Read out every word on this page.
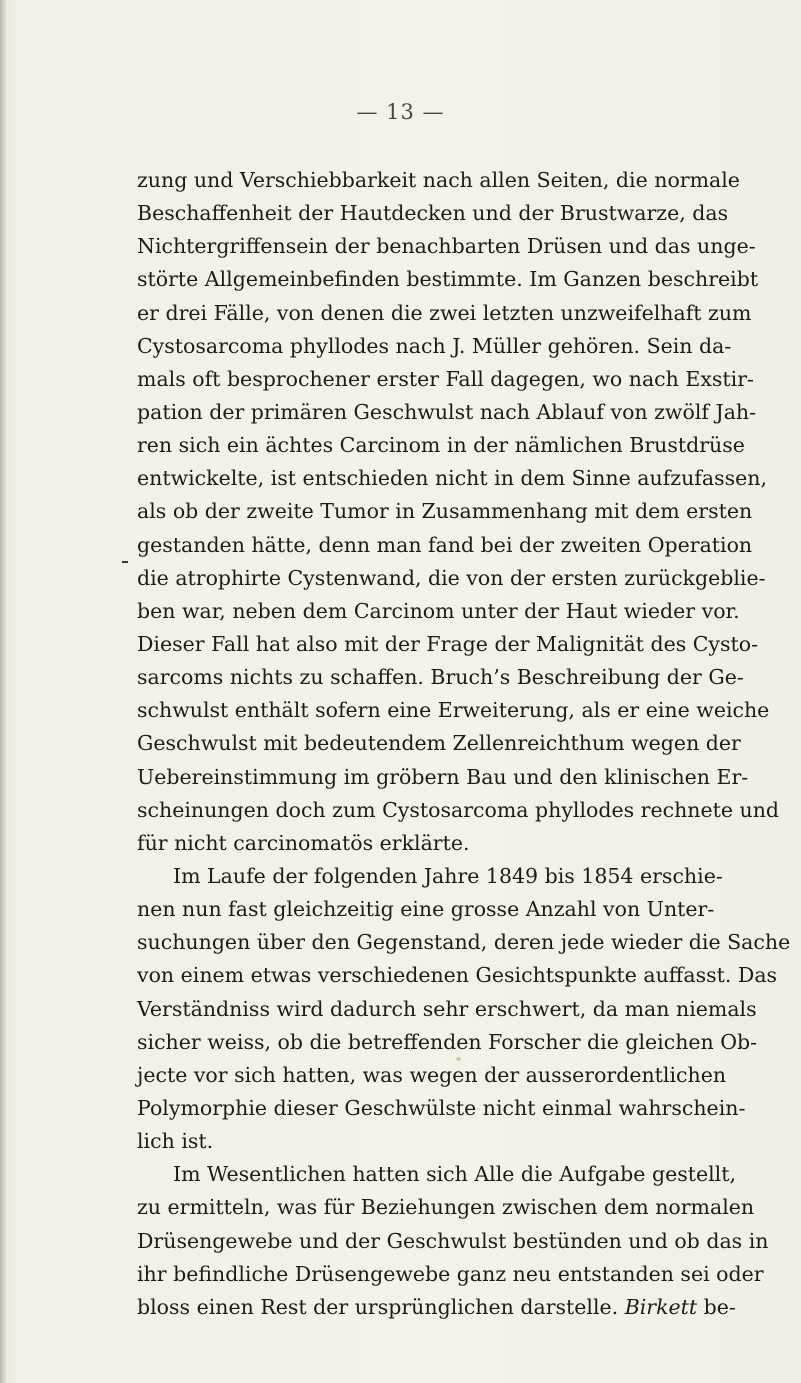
— 13 —
zung und Verschiebbarkeit nach allen Seiten, die normale
Beschaffenheit der Hautdecken und der Brustwarze, das
Nichtergriffensein der benachbarten Drüsen und das unge-
störte Allgemeinbefinden bestimmte. Im Ganzen beschreibt
er drei Fälle, von denen die zwei letzten unzweifelhaft zum
Cystosarcoma phyllodes nach J. Müller gehören. Sein da-
mals oft besprochener erster Fall dagegen, wo nach Exstir-
pation der primären Geschwulst nach Ablauf von zwölf Jah-
ren sich ein ächtes Carcinom in der nämlichen Brustdrüse
entwickelte, ist entschieden nicht in dem Sinne aufzufassen,
als ob der zweite Tumor in Zusammenhang mit dem ersten
gestanden hätte, denn man fand bei der zweiten Operation
die atrophirte Cystenwand, die von der ersten zurückgeblie-
ben war, neben dem Carcinom unter der Haut wieder vor.
Dieser Fall hat also mit der Frage der Malignität des Cysto-
sarcoms nichts zu schaffen. Bruch’s Beschreibung der Ge-
schwulst enthält sofern eine Erweiterung, als er eine weiche
Geschwulst mit bedeutendem Zellenreichthum wegen der
Uebereinstimmung im gröbern Bau und den klinischen Er-
scheinungen doch zum Cystosarcoma phyllodes rechnete und
für nicht carcinomatös erklärte.
Im Laufe der folgenden Jahre 1849 bis 1854 erschie-
nen nun fast gleichzeitig eine grosse Anzahl von Unter-
suchungen über den Gegenstand, deren jede wieder die Sache
von einem etwas verschiedenen Gesichtspunkte auffasst. Das
Verständniss wird dadurch sehr erschwert, da man niemals
sicher weiss, ob die betreffenden Forscher die gleichen Ob-
jecte vor sich hatten, was wegen der ausserordentlichen
Polymorphie dieser Geschwülste nicht einmal wahrschein-
lich ist.
Im Wesentlichen hatten sich Alle die Aufgabe gestellt,
zu ermitteln, was für Beziehungen zwischen dem normalen
Drüsengewebe und der Geschwulst bestünden und ob das in
ihr befindliche Drüsengewebe ganz neu entstanden sei oder
bloss einen Rest der ursprünglichen darstelle. Birkett be-
